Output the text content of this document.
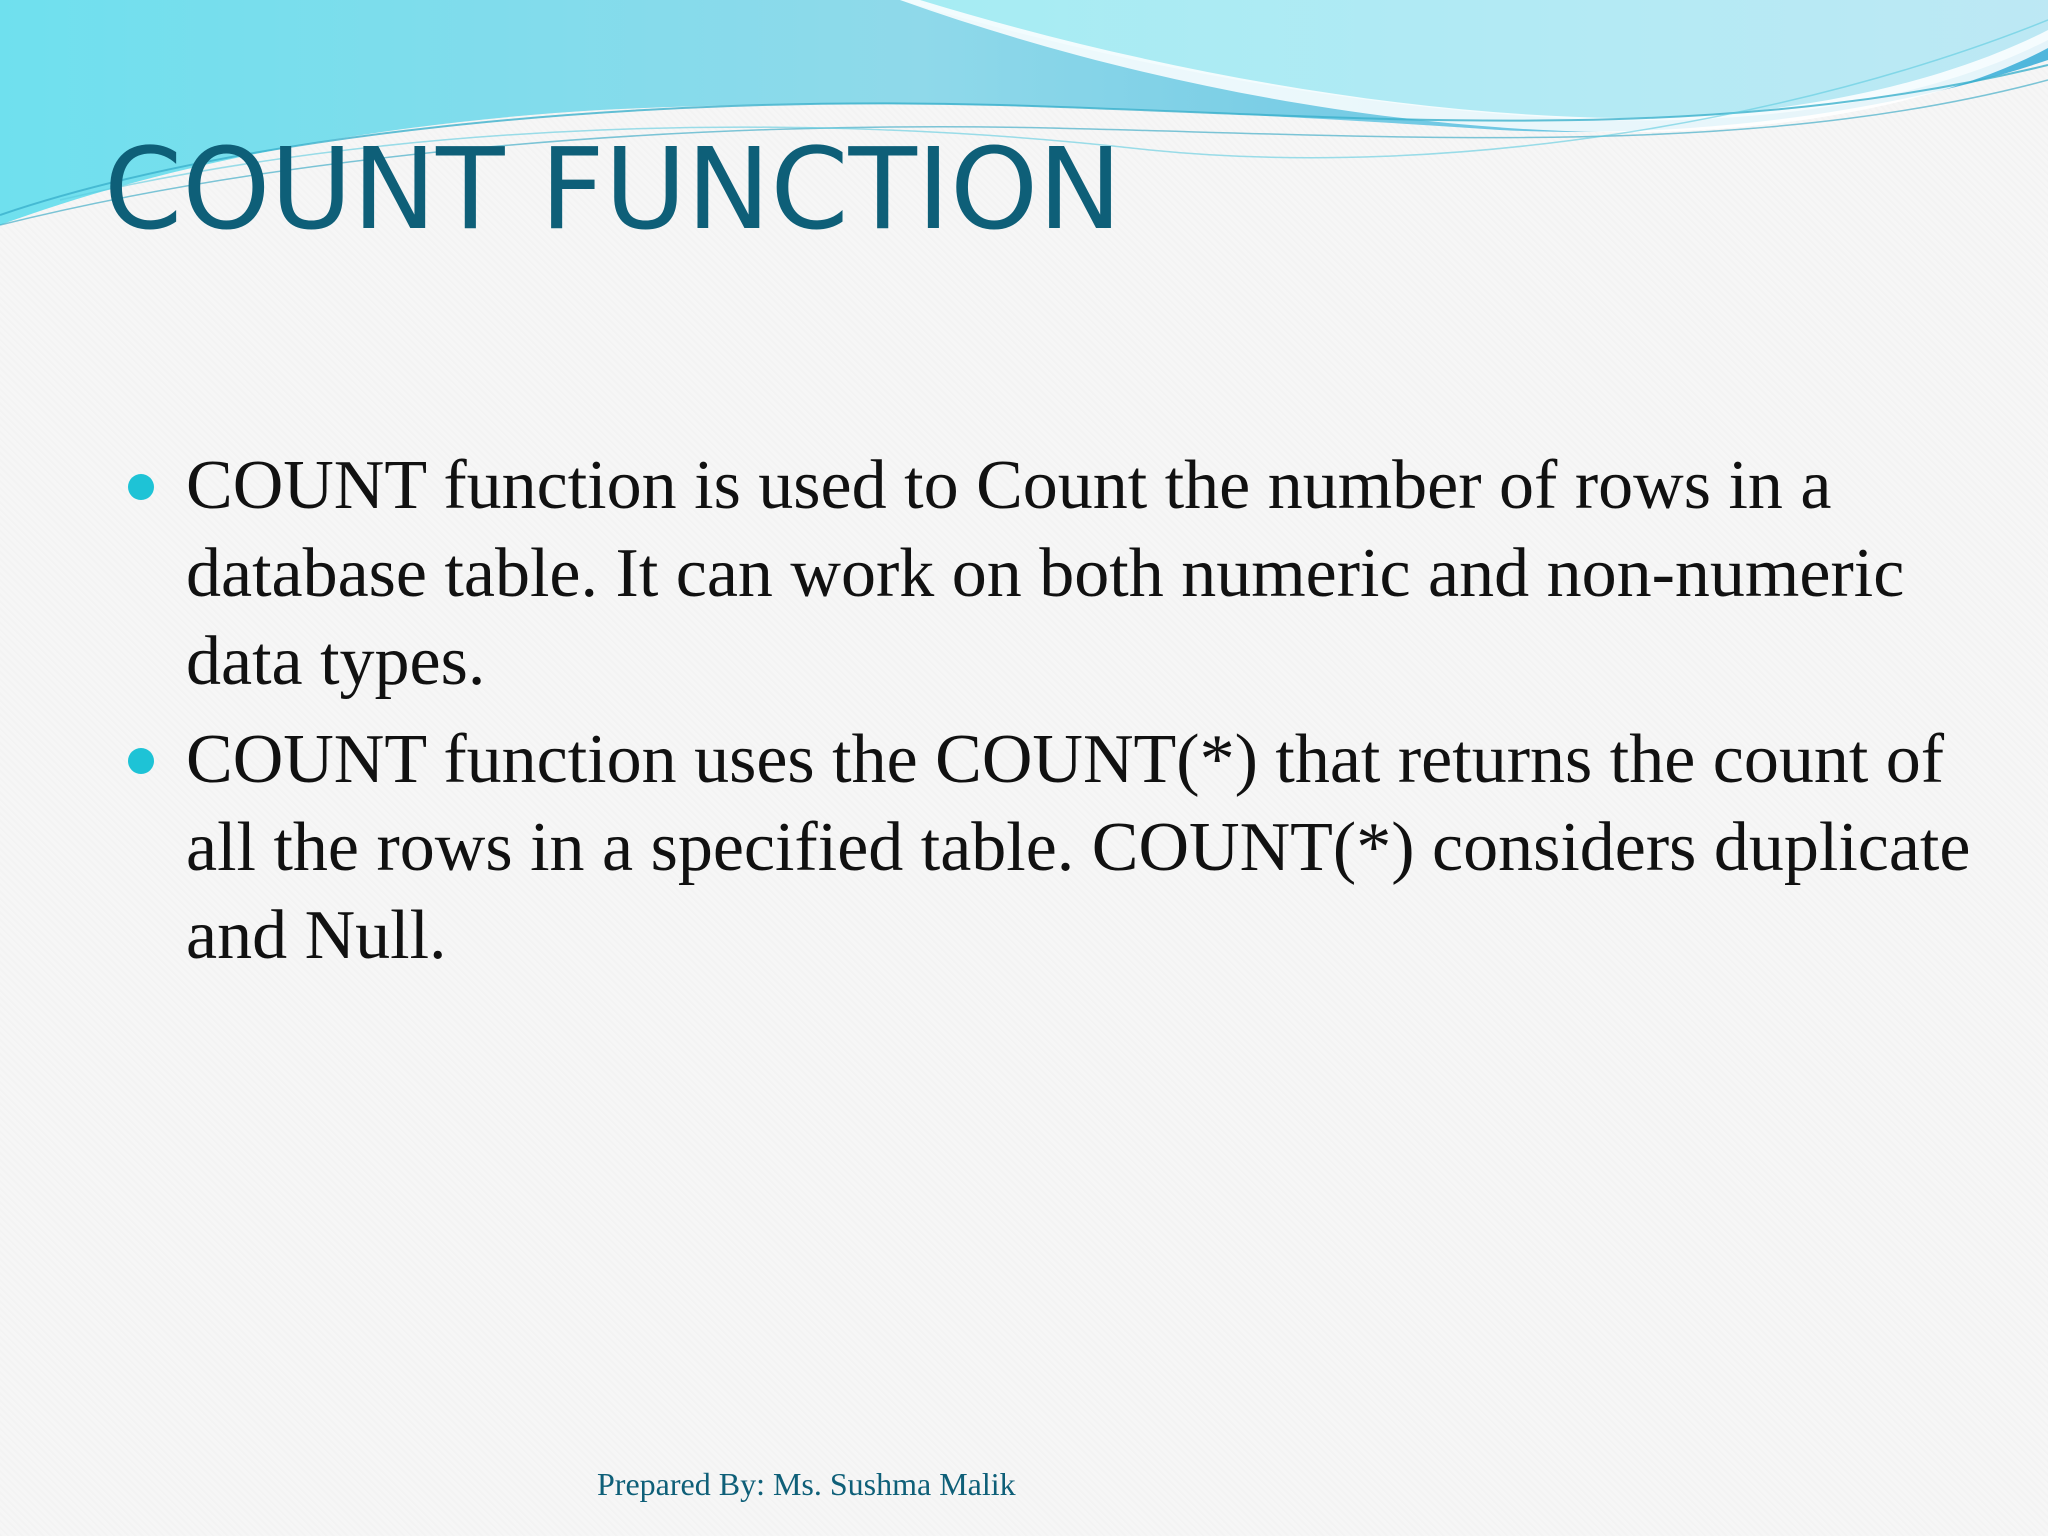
COUNT FUNCTION
COUNT function is used to Count the number of rows in a database table. It can work on both numeric and non-numeric data types.
COUNT function uses the COUNT(*) that returns the count of all the rows in a specified table. COUNT(*) considers duplicate and Null.
Prepared By: Ms. Sushma Malik
